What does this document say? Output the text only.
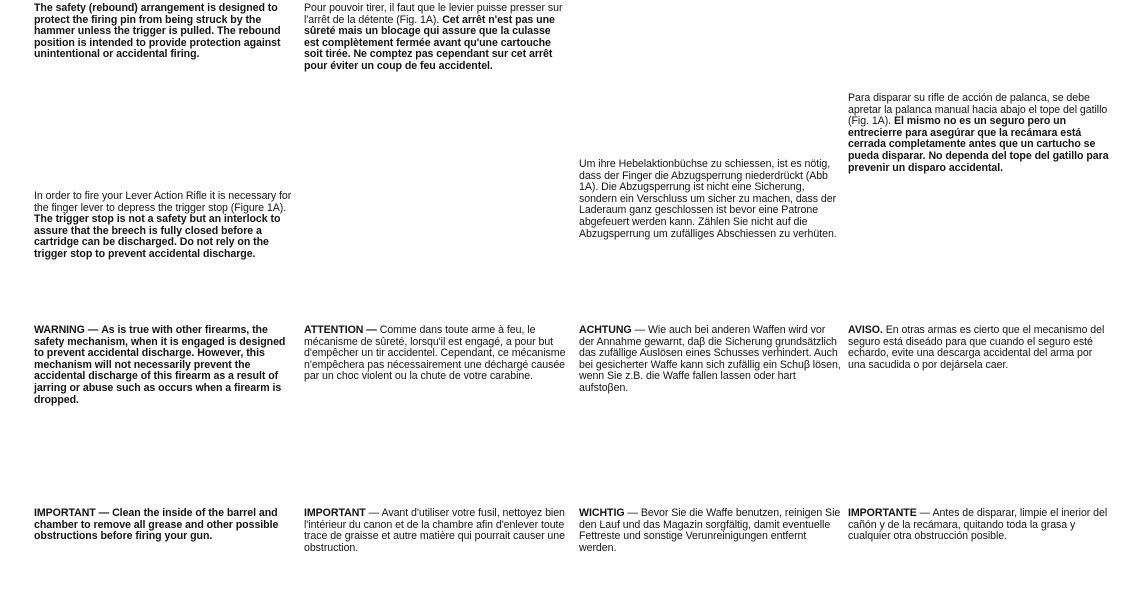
The safety (rebound) arrangement is designed to protect the firing pin from being struck by the hammer unless the trigger is pulled. The rebound position is intended to provide protection against unintentional or accidental firing.

In order to fire your Lever Action Rifle it is necessary for the finger lever to depress the trigger stop (Figure 1A). The trigger stop is not a safety but an interlock to assure that the breech is fully closed before a cartridge can be discharged. Do not rely on the trigger stop to prevent accidental discharge.

WARNING — As is true with other firearms, the safety mechanism, when it is engaged is designed to prevent accidental discharge. However, this mechanism will not necessarily prevent the accidental discharge of this firearm as a result of jarring or abuse such as occurs when a firearm is dropped.

IMPORTANT — Clean the inside of the barrel and chamber to remove all grease and other possible obstructions before firing your gun.

Pour pouvoir tirer, il faut que le levier puisse presser sur l'arrêt de la détente (Fig. 1A). Cet arrêt n'est pas une sûreté mais un blocage qui assure que la culasse est complètement fermée avant qu'une cartouche soit tirée. Ne comptez pas cependant sur cet arrêt pour éviter un coup de feu accidentel.

ATTENTION — Comme dans toute arme à feu, le mécanisme de sûreté, lorsqu'il est engagé, a pour but d'empêcher un tir accidentel. Cependant, ce mécanisme n'empêchera pas nécessairement une déchargé causée par un choc violent ou la chute de votre carabine.

IMPORTANT — Avant d'utiliser votre fusil, nettoyez bien l'intérieur du canon et de la chambre afin d'enlever toute trace de graisse et autre matière qui pourrait causer une obstruction.

Um ihre Hebelaktionbüchse zu schiessen, ist es nötig, dass der Finger die Abzugsperrung niederdrückt (Abb 1A). Die Abzugsperrung ist nicht eine Sicherung, sondern ein Verschluss um sicher zu machen, dass der Laderaum ganz geschlossen ist bevor eine Patrone abgefeuert werden kann. Zählen Sie nicht auf die Abzugsperrung um zufälliges Abschiessen zu verhüten.

ACHTUNG — Wie auch bei anderen Waffen wird vor der Annahme gewarnt, daβ die Sicherung grundsätzlich das zufällige Auslösen eines Schusses verhindert. Auch bei gesicherter Waffe kann sich zufällig ein Schuβ lösen, wenn Sie z.B. die Waffe fallen lassen oder hart aufstoβen.

WICHTIG — Bevor Sie die Waffe benutzen, reinigen Sie den Lauf und das Magazin sorgfältig, damit eventuelle Fettreste und sonstige Verunreinigungen entfernt werden.

Para disparar su rifle de acción de palanca, se debe apretar la palanca manual hacia abajo el tope del gatillo (Fig. 1A). El mismo no es un seguro pero un entrecierre para asegúrar que la recámara está cerrada completamente antes que un cartucho se pueda disparar. No dependa del tope del gatillo para prevenir un disparo accidental.

AVISO. En otras armas es cierto que el mecanismo del seguro está diseádo para que cuando el seguro esté echardo, evite una descarga accidental del arma por una sacudida o por dejársela caer.

IMPORTANTE — Antes de disparar, limpie el inerior del cañón y de la recámara, quitando toda la grasa y cualquier otra obstrucción posible.
